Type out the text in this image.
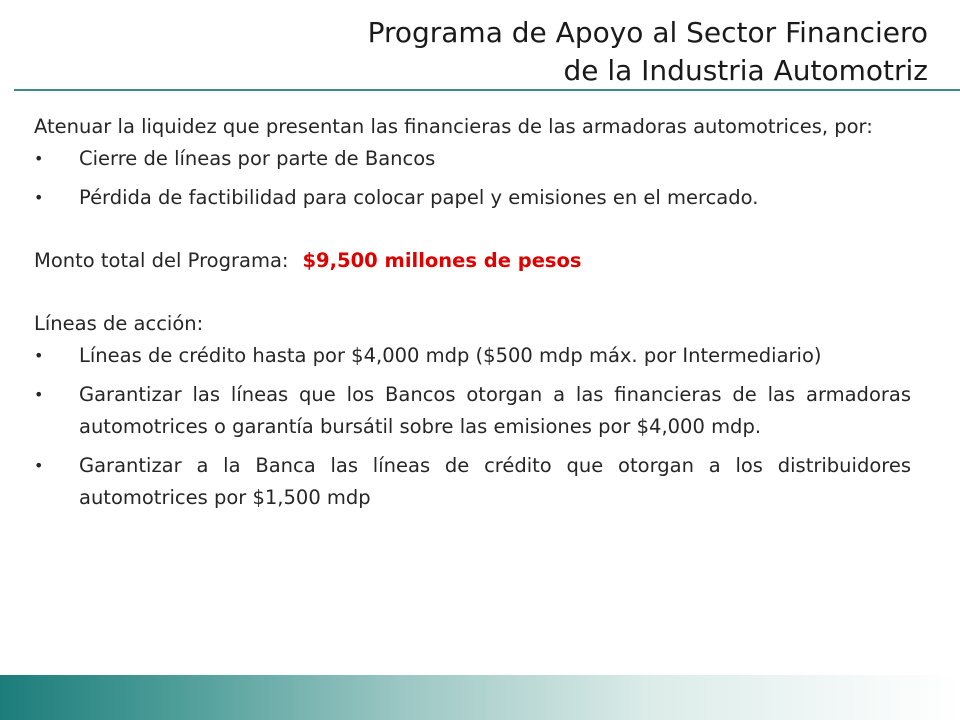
Programa de Apoyo al Sector Financiero
de la Industria Automotriz

Atenuar la liquidez que presentan las financieras de las armadoras automotrices, por:

•	Cierre de líneas por parte de Bancos
•	Pérdida de factibilidad para colocar papel y emisiones en el mercado.
Monto total del Programa: $9,500 millones de pesos
Líneas de acción:
•	Líneas de crédito hasta por $4,000 mdp ($500 mdp máx. por Intermediario)
•	Garantizar las líneas que los Bancos otorgan a las financieras de las armadoras automotrices o garantía bursátil sobre las emisiones por $4,000 mdp.
•	Garantizar a la Banca las líneas de crédito que otorgan a los distribuidores automotrices por $1,500 mdp
